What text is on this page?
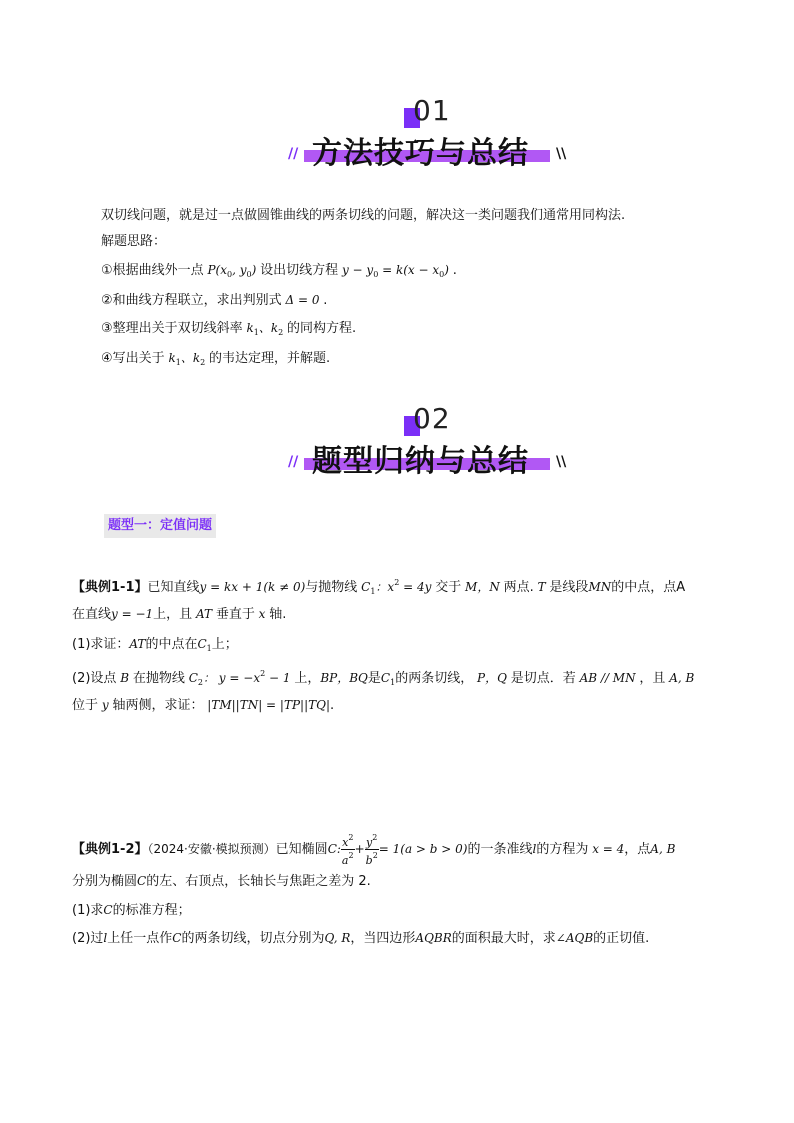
01
// 方法技巧与总结 \\
双切线问题，就是过一点做圆锥曲线的两条切线的问题，解决这一类问题我们通常用同构法.
解题思路：
①根据曲线外一点 $P(x_0$, $y_0$) 设出切线方程 $y - y_0 = k(x - x_0)$ .
②和曲线方程联立，求出判别式 Δ = 0 .
③整理出关于双切线斜率 $k_1$、$k_2$ 的同构方程.
④写出关于 $k_1$、$k_2$ 的韦达定理，并解题.
02
// 题型归纳与总结 \\
题型一：定值问题
【典例1-1】已知直线y = kx + 1(k ≠ 0)与抛物线 $C_1$：$x^2 = 4y$ 交于 M，N 两点. T 是线段MN的中点，点A
在直线y = −1上，且 AT 垂直于 x 轴.
(1)求证：AT的中点在$C_1$上；
(2)设点 B 在抛物线 $C_2$： $y = -x^2 - 1$ 上，BP，BQ是$C_1$的两条切线， P，Q 是切点．若 AB // MN ，且 A, B
位于 y 轴两侧，求证： |TM||TN| = |TP||TQ|.
【典例1-2】（2024·安徽·模拟预测）已知椭圆C: $\frac{x^2}{a^2} + \frac{y^2}{b^2} = 1(a > b > 0)$的一条准线l的方程为 x = 4，点A, B
分别为椭圆C的左、右顶点，长轴长与焦距之差为 2.
(1)求C的标准方程；
(2)过l上任一点作C的两条切线，切点分别为Q, R，当四边形AQBR的面积最大时，求∠AQB的正切值.
